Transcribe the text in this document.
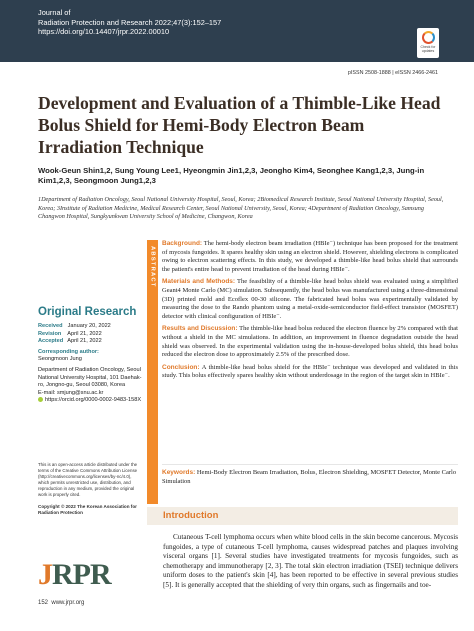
Journal of
Radiation Protection and Research 2022;47(3):152–157
https://doi.org/10.14407/jrpr.2022.00010
Check for updates
pISSN 2508-1888 | eISSN 2466-2461
Development and Evaluation of a Thimble-Like Head Bolus Shield for Hemi-Body Electron Beam Irradiation Technique
Wook-Geun Shin1,2, Sung Young Lee1, Hyeongmin Jin1,2,3, Jeongho Kim4, Seonghee Kang1,2,3, Jung-in Kim1,2,3, Seongmoon Jung1,2,3
1Department of Radiation Oncology, Seoul National University Hospital, Seoul, Korea; 2Biomedical Research Institute, Seoul National University Hospital, Seoul, Korea; 3Institute of Radiation Medicine, Medical Research Center, Seoul National University, Seoul, Korea; 4Department of Radiation Oncology, Samsung Changwon Hospital, Sungkyunkwan University School of Medicine, Changwon, Korea
ABSTRACT

Background: The hemi-body electron beam irradiation (HBIe⁻) technique has been proposed for the treatment of mycosis fungoides. It spares healthy skin using an electron shield. However, shielding electrons is complicated owing to electron scattering effects. In this study, we developed a thimble-like head bolus shield that surrounds the patient's entire head to prevent irradiation of the head during HBIe⁻.

Materials and Methods: The feasibility of a thimble-like head bolus shield was evaluated using a simplified Geant4 Monte Carlo (MC) simulation. Subsequently, the head bolus was manufactured using a three-dimensional (3D) printed mold and Ecoflex 00-30 silicone. The fabricated head bolus was experimentally validated by measuring the dose to the Rando phantom using a metal-oxide-semiconductor field-effect transistor (MOSFET) detector with clinical configuration of HBIe⁻.

Results and Discussion: The thimble-like head bolus reduced the electron fluence by 2% compared with that without a shield in the MC simulations. In addition, an improvement in fluence degradation outside the head shield was observed. In the experimental validation using the in-house-developed bolus shield, this head bolus reduced the electron dose to approximately 2.5% of the prescribed dose.

Conclusion: A thimble-like head bolus shield for the HBIe⁻ technique was developed and validated in this study. This bolus effectively spares healthy skin without underdosage in the region of the target skin in HBIe⁻.

Keywords: Hemi-Body Electron Beam Irradiation, Bolus, Electron Shielding, MOSFET Detector, Monte Carlo Simulation
Original Research
Received January 20, 2022
Revision April 21, 2022
Accepted April 21, 2022
Corresponding author:
Seongmoon Jung
Department of Radiation Oncology, Seoul National University Hospital, 101 Daehak-ro, Jongno-gu, Seoul 03080, Korea
E-mail: smjung@snu.ac.kr
https://orcid.org/0000-0002-9483-158X
This is an open-access article distributed under the terms of the Creative Commons Attribution License (http://creativecommons.org/licenses/by-nc/4.0), which permits unrestricted use, distribution, and reproduction in any medium, provided the original work is properly cited.
Copyright © 2022 The Korean Association for Radiation Protection	Introduction

Cutaneous T-cell lymphoma occurs when white blood cells in the skin become cancerous. Mycosis fungoides, a type of cutaneous T-cell lymphoma, causes widespread patches and plaques involving visceral organs [1]. Several studies have investigated treatments for mycosis fungoides, such as chemotherapy and immunotherapy [2, 3]. The total skin electron irradiation (TSEI) technique delivers uniform doses to the patient's skin [4], has been reported to be effective in several previous studies [5]. It is generally accepted that the shielding of very thin organs, such as fingernails and toe-

JRPR
152 www.jrpr.org
